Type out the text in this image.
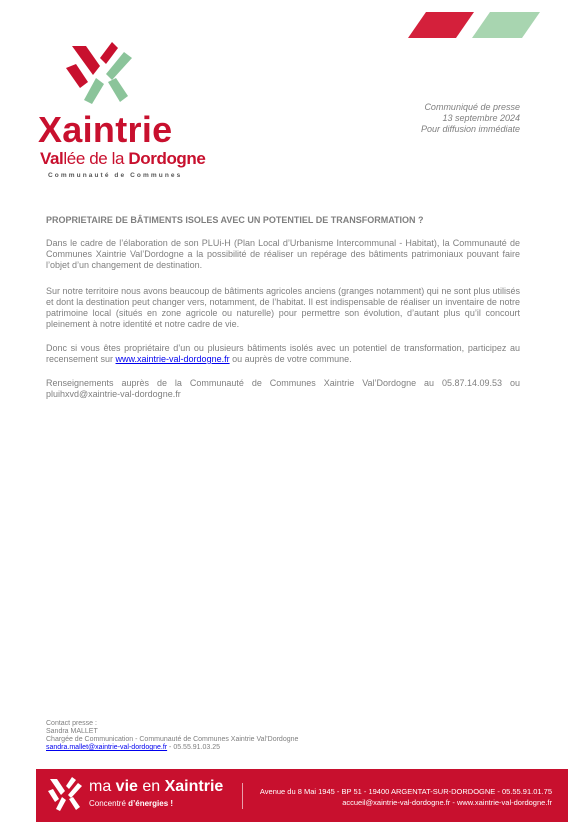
Xaintrie
Vallée de la Dordogne
Communauté de Communes
Communiqué de presse
13 septembre 2024
Pour diffusion immédiate
PROPRIETAIRE DE BÂTIMENTS ISOLES AVEC UN POTENTIEL DE TRANSFORMATION ?
Dans le cadre de l’élaboration de son PLUi-H (Plan Local d’Urbanisme Intercommunal - Habitat), la Communauté de Communes Xaintrie Val’Dordogne a la possibilité de réaliser un repérage des bâtiments patrimoniaux pouvant faire l’objet d’un changement de destination.
Sur notre territoire nous avons beaucoup de bâtiments agricoles anciens (granges notamment) qui ne sont plus utilisés et dont la destination peut changer vers, notamment, de l’habitat. Il est indispensable de réaliser un inventaire de notre patrimoine local (situés en zone agricole ou naturelle) pour permettre son évolution, d’autant plus qu’il concourt pleinement à notre identité et notre cadre de vie.
Donc si vous êtes propriétaire d’un ou plusieurs bâtiments isolés avec un potentiel de transformation, participez au recensement sur www.xaintrie-val-dordogne.fr ou auprès de votre commune.
Renseignements auprès de la Communauté de Communes Xaintrie Val’Dordogne au 05.87.14.09.53 ou pluihxvd@xaintrie-val-dordogne.fr
Contact presse :
Sandra MALLET
Chargée de Communication - Communauté de Communes Xaintrie Val’Dordogne
sandra.mallet@xaintrie-val-dordogne.fr - 05.55.91.03.25
ma vie en Xaintrie
Concentré d’énergies !
Avenue du 8 Mai 1945 - BP 51 - 19400 ARGENTAT-SUR-DORDOGNE - 05.55.91.01.75
accueil@xaintrie-val-dordogne.fr - www.xaintrie-val-dordogne.fr
